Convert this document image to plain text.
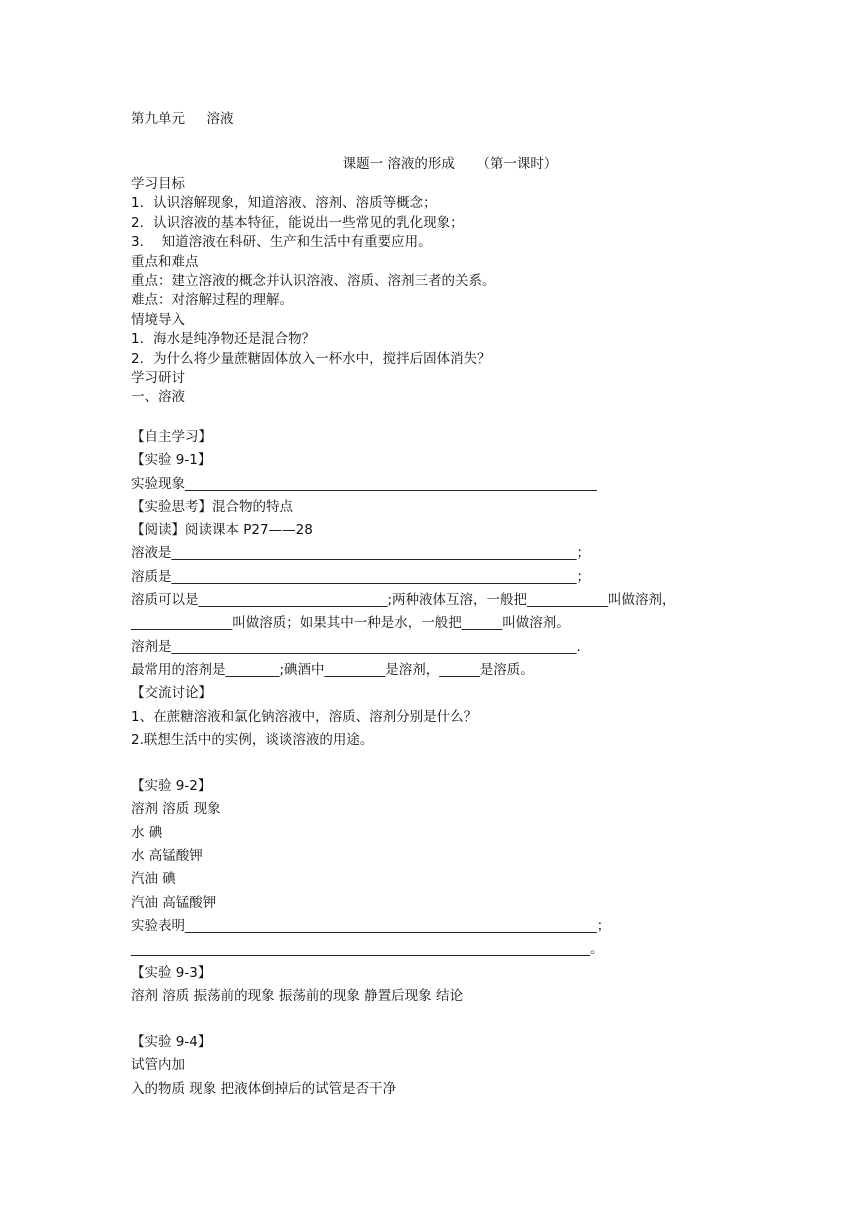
第九单元     溶液
课题一 溶液的形成     （第一课时）
学习目标
1．认识溶解现象，知道溶液、溶剂、溶质等概念；
2．认识溶液的基本特征，能说出一些常见的乳化现象；
3．  知道溶液在科研、生产和生活中有重要应用。
重点和难点
重点：建立溶液的概念并认识溶液、溶质、溶剂三者的关系。
难点：对溶解过程的理解。
情境导入
1．海水是纯净物还是混合物？
2．为什么将少量蔗糖固体放入一杯水中，搅拌后固体消失？
学习研讨
一、溶液
【自主学习】
【实验 9-1】
实验现象_____________________________________________________________
【实验思考】混合物的特点
【阅读】阅读课本 P27——28
溶液是____________________________________________________________；
溶质是____________________________________________________________；
溶质可以是____________________________;两种液体互溶，一般把____________叫做溶剂，
_______________叫做溶质；如果其中一种是水，一般把______叫做溶剂。
溶剂是____________________________________________________________.
最常用的溶剂是________;碘酒中_________是溶剂，______是溶质。
【交流讨论】
1、在蔗糖溶液和氯化钠溶液中，溶质、溶剂分别是什么？
2.联想生活中的实例，谈谈溶液的用途。
【实验 9-2】
溶剂 溶质 现象
水 碘
水 高锰酸钾
汽油 碘
汽油 高锰酸钾
实验表明_____________________________________________________________；
____________________________________________________________________。
【实验 9-3】
溶剂 溶质 振荡前的现象 振荡前的现象 静置后现象 结论
【实验 9-4】
试管内加
入的物质 现象 把液体倒掉后的试管是否干净
